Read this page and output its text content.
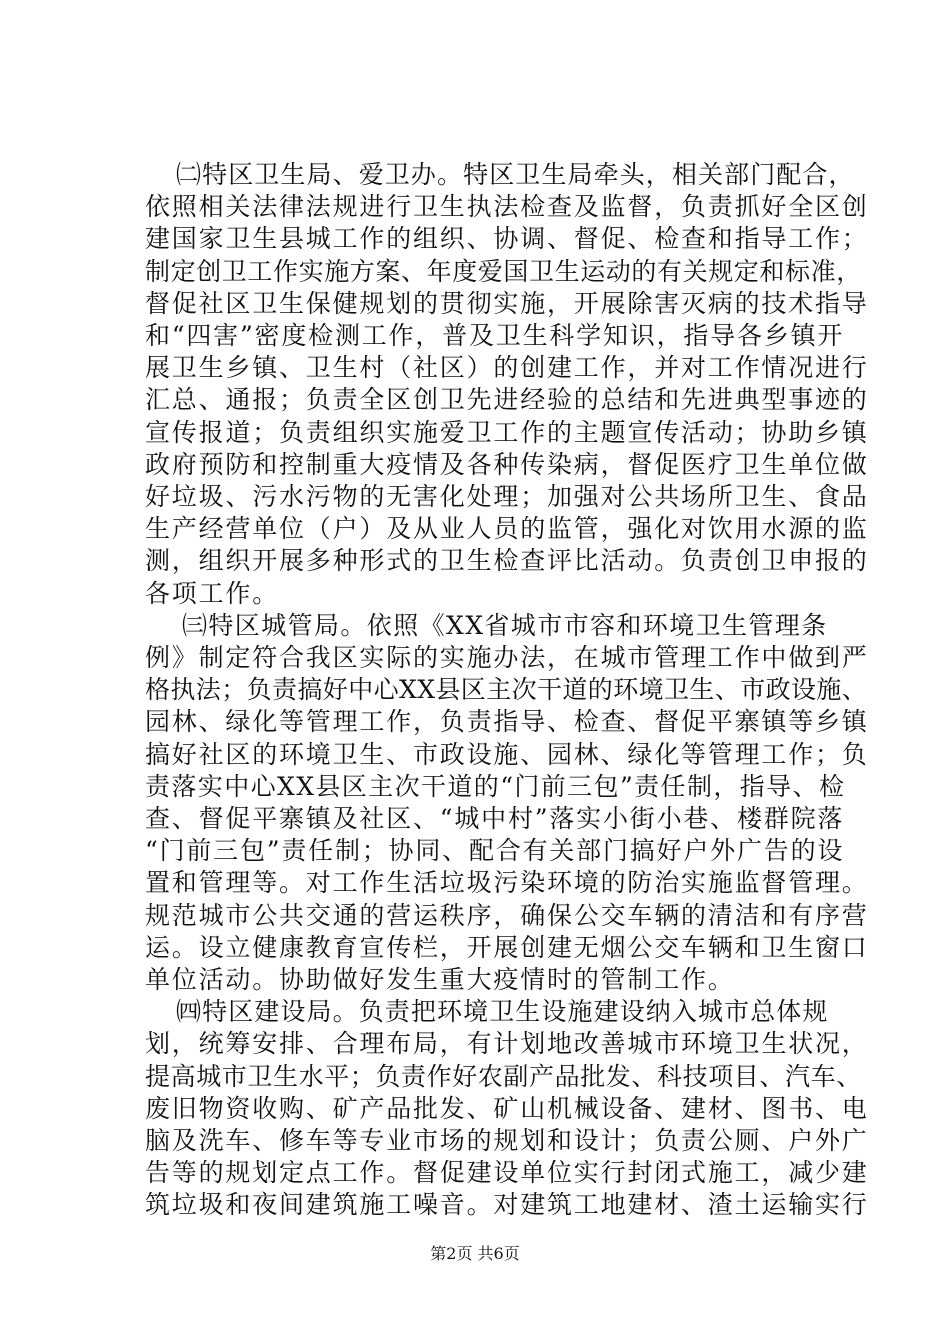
㈡特区卫生局、爱卫办。特区卫生局牵头，相关部门配合，
依照相关法律法规进行卫生执法检查及监督，负责抓好全区创
建国家卫生县城工作的组织、协调、督促、检查和指导工作；
制定创卫工作实施方案、年度爱国卫生运动的有关规定和标准，
督促社区卫生保健规划的贯彻实施，开展除害灭病的技术指导
和“四害”密度检测工作，普及卫生科学知识，指导各乡镇开
展卫生乡镇、卫生村（社区）的创建工作，并对工作情况进行
汇总、通报；负责全区创卫先进经验的总结和先进典型事迹的
宣传报道；负责组织实施爱卫工作的主题宣传活动；协助乡镇
政府预防和控制重大疫情及各种传染病，督促医疗卫生单位做
好垃圾、污水污物的无害化处理；加强对公共场所卫生、食品
生产经营单位（户）及从业人员的监管，强化对饮用水源的监
测，组织开展多种形式的卫生检查评比活动。负责创卫申报的
各项工作。
㈢特区城管局。依照《XX省城市市容和环境卫生管理条
例》制定符合我区实际的实施办法，在城市管理工作中做到严
格执法；负责搞好中心XX县区主次干道的环境卫生、市政设施、
园林、绿化等管理工作，负责指导、检查、督促平寨镇等乡镇
搞好社区的环境卫生、市政设施、园林、绿化等管理工作；负
责落实中心XX县区主次干道的“门前三包”责任制，指导、检
查、督促平寨镇及社区、“城中村”落实小街小巷、楼群院落
“门前三包”责任制；协同、配合有关部门搞好户外广告的设
置和管理等。对工作生活垃圾污染环境的防治实施监督管理。
规范城市公共交通的营运秩序，确保公交车辆的清洁和有序营
运。设立健康教育宣传栏，开展创建无烟公交车辆和卫生窗口
单位活动。协助做好发生重大疫情时的管制工作。
㈣特区建设局。负责把环境卫生设施建设纳入城市总体规
划，统筹安排、合理布局，有计划地改善城市环境卫生状况，
提高城市卫生水平；负责作好农副产品批发、科技项目、汽车、
废旧物资收购、矿产品批发、矿山机械设备、建材、图书、电
脑及洗车、修车等专业市场的规划和设计；负责公厕、户外广
告等的规划定点工作。督促建设单位实行封闭式施工，减少建
筑垃圾和夜间建筑施工噪音。对建筑工地建材、渣土运输实行
第2页 共6页
